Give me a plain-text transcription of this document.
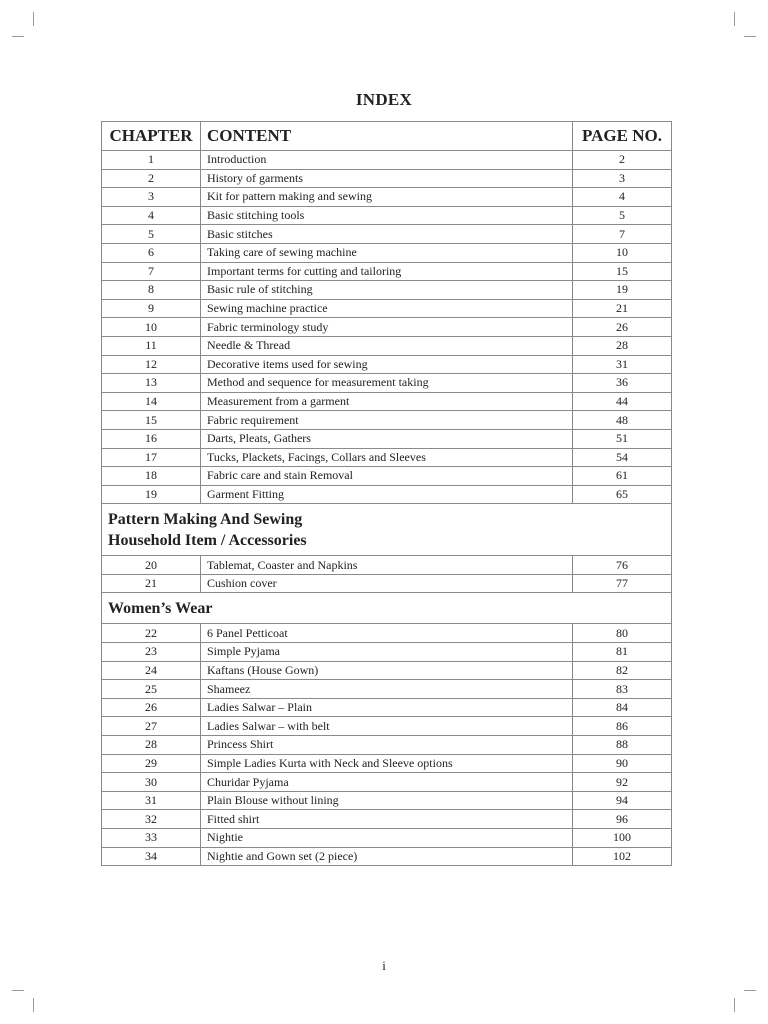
INDEX
CHAPTER	CONTENT	PAGE NO.
1	Introduction	2
2	History of garments	3
3	Kit for pattern making and sewing	4
4	Basic stitching tools	5
5	Basic stitches	7
6	Taking care of sewing machine	10
7	Important terms for cutting and tailoring	15
8	Basic rule of stitching	19
9	Sewing machine practice	21
10	Fabric terminology study	26
11	Needle & Thread	28
12	Decorative items used for sewing	31
13	Method and sequence for measurement taking	36
14	Measurement from a garment	44
15	Fabric requirement	48
16	Darts, Pleats, Gathers	51
17	Tucks, Plackets, Facings, Collars and Sleeves	54
18	Fabric care and stain Removal	61
19	Garment Fitting	65
Pattern Making And Sewing
Household Item / Accessories		
20	Tablemat, Coaster and Napkins	76
21	Cushion cover	77
Women’s Wear		
22	6 Panel Petticoat	80
23	Simple Pyjama	81
24	Kaftans (House Gown)	82
25	Shameez	83
26	Ladies Salwar – Plain	84
27	Ladies Salwar – with belt	86
28	Princess Shirt	88
29	Simple Ladies Kurta with Neck and Sleeve options	90
30	Churidar Pyjama	92
31	Plain Blouse without lining	94
32	Fitted shirt	96
33	Nightie	100
34	Nightie and Gown set (2 piece)	102
i
